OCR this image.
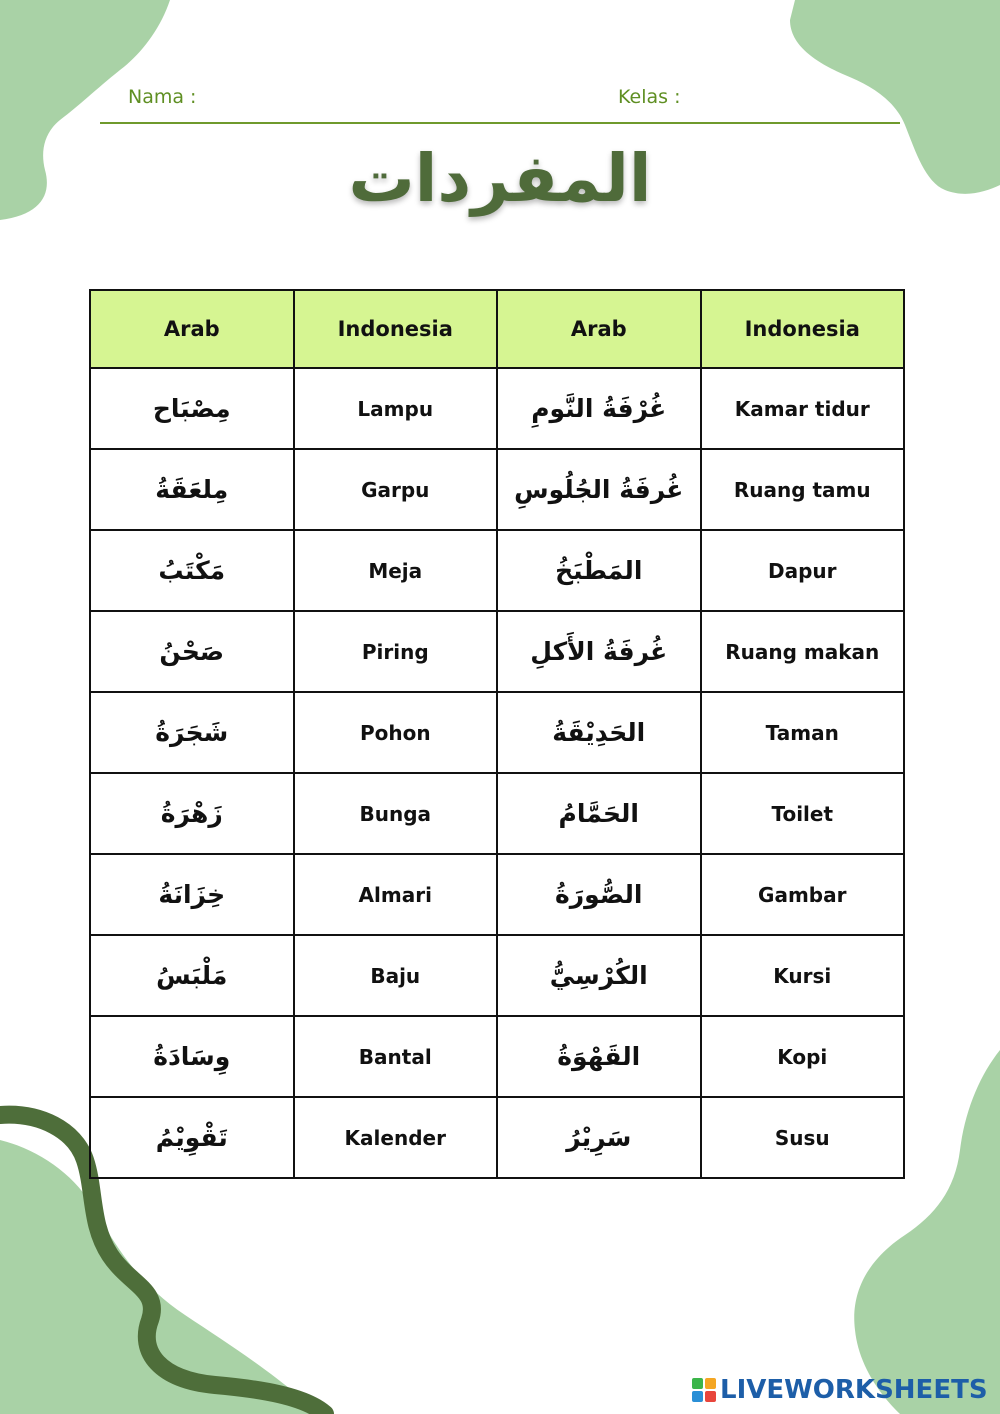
Nama :	Kelas :
المفردات
Arab	Indonesia	Arab	Indonesia
مِصْبَاح	Lampu	غُرْفَةُ النَّومِ	Kamar tidur
مِلعَقَةُ	Garpu	غُرفَةُ الجُلُوسِ	Ruang tamu
مَكْتَبُ	Meja	المَطْبَخُ	Dapur
صَحْنُ	Piring	غُرفَةُ الأَكلِ	Ruang makan
شَجَرَةُ	Pohon	الحَدِيْقَةُ	Taman
زَهْرَةُ	Bunga	الحَمَّامُ	Toilet
خِزَانَةُ	Almari	الصُّورَةُ	Gambar
مَلْبَسُ	Baju	الكُرْسِيُّ	Kursi
وِسَادَةُ	Bantal	القَهْوَةُ	Kopi
تَقْوِيْمُ	Kalender	سَرِيْرُ	Susu
LIVEWORKSHEETS
